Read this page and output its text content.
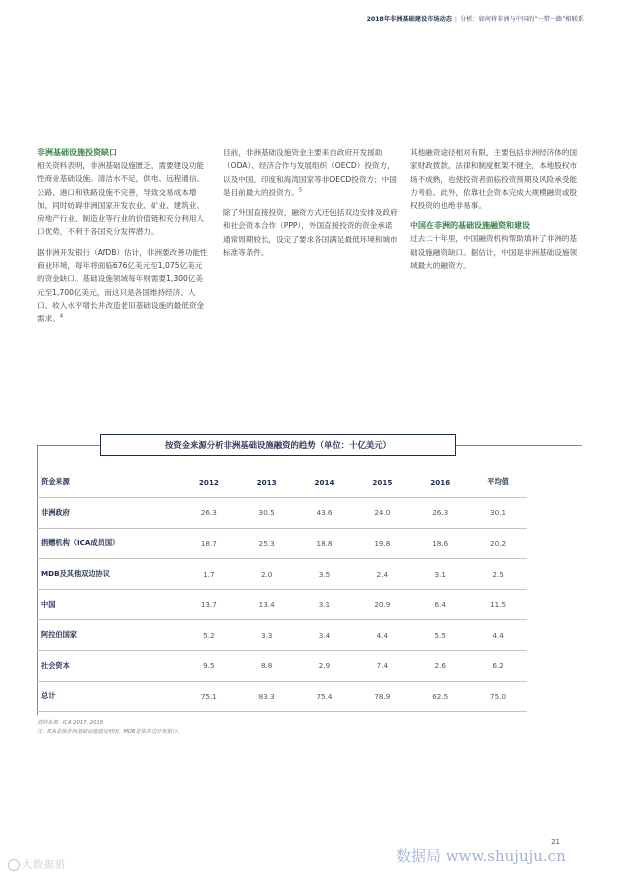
2018年非洲基础建设市场动态 | 分析：如何将非洲与中国的“一带一路”相联系
非洲基础设施投资缺口

相关资料表明，非洲基础设施匮乏，需要建设功能性商业基础设施。清洁水不足，供电、远程通信、公路、港口和铁路设施不完善，导致交易成本增加，同时妨碍非洲国家开发农业、矿业、建筑业、房地产行业、制造业等行业的价值链和充分利用人口优势，不利于各国充分发挥潜力。

据非洲开发银行（AfDB）估计，非洲要改善功能性商业环境，每年将面临676亿美元至1,075亿美元的资金缺口。基础设施领域每年则需要1,300亿美元至1,700亿美元，而这只是各国维持经济、人口、收入水平增长并改造老旧基础设施的最低资金需求。$^4$

目前，非洲基础设施资金主要来自政府开发援助（ODA）、经济合作与发展组织（OECD）投资方，以及中国、印度和海湾国家等非OECD投资方；中国是目前最大的投资方。$^5$

除了外国直接投资，融资方式还包括双边安排及政府和社会资本合作（PPP），外国直接投资的资金承诺通常周期较长，设定了要求各国满足最低环境和城市标准等条件。

其他融资途径相对有限，主要包括非洲经济体的国家财政拨款。法律和制度框架不健全，本地股权市场不成熟，也使投资者面临投资预期及风险承受能力考验。此外，依靠社会资本完成大规模融资或股权投资的也绝非易事。

中国在非洲的基础设施融资和建设

过去二十年里，中国融资机构帮助填补了非洲的基础设施融资缺口。据估计，中国是非洲基础设施领域最大的融资方。

按资金来源分析非洲基础设施融资的趋势（单位：十亿美元）
资金来源	2012	2013	2014	2015	2016	平均值
非洲政府	26.3	30.5	43.6	24.0	26.3	30.1
捐赠机构（ICA成员国）	18.7	25.3	18.8	19.8	18.6	20.2
MDB及其他双边协议	1.7	2.0	3.5	2.4	3.1	2.5
中国	13.7	13.4	3.1	20.9	6.4	11.5
阿拉伯国家	5.2	3.3	3.4	4.4	5.5	4.4
社会资本	9.5	8.8	2.9	7.4	2.6	6.2
总计	75.1	83.3	75.4	78.9	62.5	75.0
资料来源：ICA 2017, 2018
注：ICA是指非洲基础设施建设财团，MDB是指多边开发银行。
21
大数据猎
数据局 www.shujuju.cn
